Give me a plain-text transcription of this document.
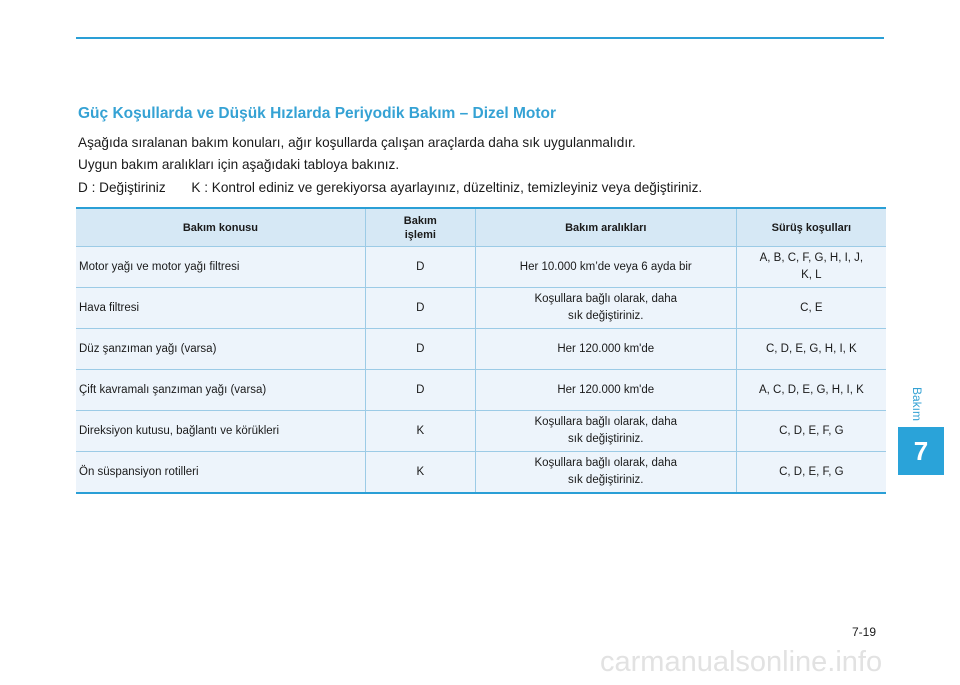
Güç Koşullarda ve Düşük Hızlarda Periyodik Bakım – Dizel Motor

Aşağıda sıralanan bakım konuları, ağır koşullarda çalışan araçlarda daha sık uygulanmalıdır.

Uygun bakım aralıkları için aşağıdaki tabloya bakınız.

D : Değiştiriniz K : Kontrol ediniz ve gerekiyorsa ayarlayınız, düzeltiniz, temizleyiniz veya değiştiriniz.
Bakım konusu	Bakım işlemi	Bakım aralıkları	Sürüş koşulları
Motor yağı ve motor yağı filtresi	D	Her 10.000 km’de veya 6 ayda bir	A, B, C, F, G, H, I, J, K, L

Hava filtresi	D	Koşullara bağlı olarak, daha sık değiştiriniz.	C, E
Düz şanzıman yağı (varsa)	D	Her 120.000 km'de	C, D, E, G, H, I, K
Çift kavramalı şanzıman yağı (varsa)	D	Her 120.000 km'de	A, C, D, E, G, H, I, K

Direksiyon kutusu, bağlantı ve körükleri	K	Koşullara bağlı olarak, daha sık değiştiriniz.	C, D, E, F, G
Ön süspansiyon rotilleri	K	Koşullara bağlı olarak, daha sık değiştiriniz.	C, D, E, F, G
Bakım
7
7-19
carmanualsonline.info
